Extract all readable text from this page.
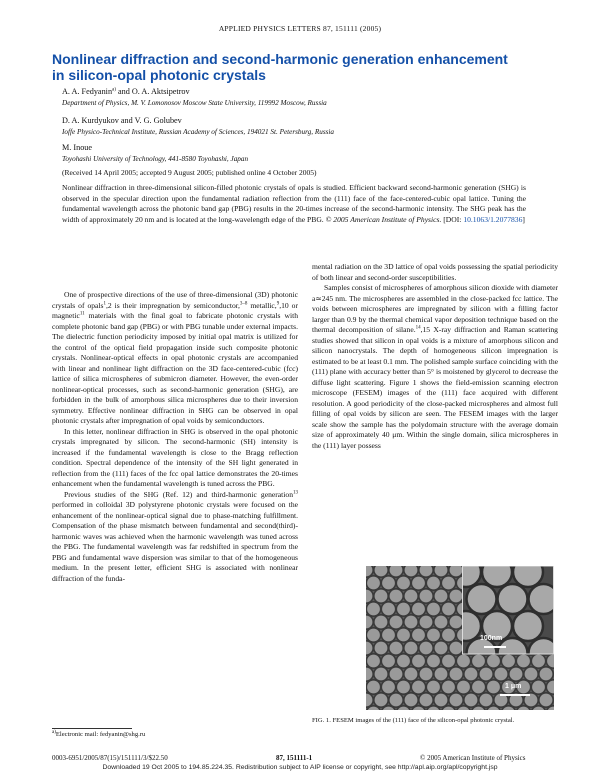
APPLIED PHYSICS LETTERS 87, 151111 (2005)
Nonlinear diffraction and second-harmonic generation enhancement
in silicon-opal photonic crystals
A. A. Fedyanin$^{a)}$ and O. A. Aktsipetrov
Department of Physics, M. V. Lomonosov Moscow State University, 119992 Moscow, Russia
D. A. Kurdyukov and V. G. Golubev
Ioffe Physico-Technical Institute, Russian Academy of Sciences, 194021 St. Petersburg, Russia
M. Inoue
Toyohashi University of Technology, 441-8580 Toyohashi, Japan
(Received 14 April 2005; accepted 9 August 2005; published online 4 October 2005)
Nonlinear diffraction in three-dimensional silicon-filled photonic crystals of opals is studied. Efficient backward second-harmonic generation (SHG) is observed in the specular direction upon the fundamental radiation reflection from the (111) face of the face-centered-cubic opal lattice. Tuning the fundamental wavelength across the photonic band gap (PBG) results in the 20-times increase of the second-harmonic intensity. The SHG peak has the width of approximately 20 nm and is located at the long-wavelength edge of the PBG. © 2005 American Institute of Physics. [DOI: 10.1063/1.2077836]

One of prospective directions of the use of three-dimensional (3D) photonic crystals of opals$^1$,2 is their impregnation by semiconductor,$^{3-8}$ metallic,$^9$,10 or magnetic$^{11}$ materials with the final goal to fabricate photonic crystals with complete photonic band gap (PBG) or with PBG tunable under external impacts. The dielectric function periodicity imposed by initial opal matrix is utilized for the control of the optical field propagation inside such composite photonic crystals. Nonlinear-optical effects in opal photonic crystals are accompanied with linear and nonlinear light diffraction on the 3D face-centered-cubic (fcc) lattice of silica microspheres of submicron diameter. However, the even-order nonlinear-optical processes, such as second-harmonic generation (SHG), are forbidden in the bulk of amorphous silica microspheres due to their inversion symmetry. Effective nonlinear diffraction in SHG can be observed in opal photonic crystals after impregnation of opal voids by semiconductors.

In this letter, nonlinear diffraction in SHG is observed in the opal photonic crystals impregnated by silicon. The second-harmonic (SH) intensity is increased if the fundamental wavelength is close to the Bragg reflection condition. Spectral dependence of the intensity of the SH light generated in reflection from the (111) faces of the fcc opal lattice demonstrates the 20-times enhancement when the fundamental wavelength is tuned across the PBG.

Previous studies of the SHG (Ref. 12) and third-harmonic generation$^{13}$ performed in colloidal 3D polystyrene photonic crystals were focused on the enhancement of the nonlinear-optical signal due to phase-matching fulfillment. Compensation of the phase mismatch between fundamental and second(third)-harmonic waves was achieved when the harmonic wavelength was tuned across the PBG. The fundamental wavelength was far redshifted in spectrum from the PBG and fundamental wave dispersion was similar to that of the homogeneous medium. In the present letter, efficient SHG is associated with nonlinear diffraction of the funda-

mental radiation on the 3D lattice of opal voids possessing the spatial periodicity of both linear and second-order susceptibilities.

Samples consist of microspheres of amorphous silicon dioxide with diameter a≃245 nm. The microspheres are assembled in the close-packed fcc lattice. The voids between microspheres are impregnated by silicon with a filling factor larger than 0.9 by the thermal chemical vapor deposition technique based on the thermal decomposition of silane.$^{14}$,15 X-ray diffraction and Raman scattering studies showed that silicon in opal voids is a mixture of amorphous silicon and silicon nanocrystals. The depth of homogeneous silicon impregnation is estimated to be at least 0.1 mm. The polished sample surface coinciding with the (111) plane with accuracy better than 5° is moistened by glycerol to decrease the diffuse light scattering. Figure 1 shows the field-emission scanning electron microscope (FESEM) images of the (111) face acquired with different resolution. A good periodicity of the close-packed microspheres and almost full filling of opal voids by silicon are seen. The FESEM images with the larger scale show the sample has the polydomain structure with the average domain size of approximately 40 μm. Within the single domain, silica microspheres in the (111) layer possess

100nm
1 μm
FIG. 1. FESEM images of the (111) face of the silicon-opal photonic crystal.
$^{a)}$Electronic mail: fedyanin@shg.ru
0003-6951/2005/87(15)/151111/3/$22.50	87, 151111-1	© 2005 American Institute of Physics
Downloaded 19 Oct 2005 to 194.85.224.35. Redistribution subject to AIP license or copyright, see http://apl.aip.org/apl/copyright.jsp
